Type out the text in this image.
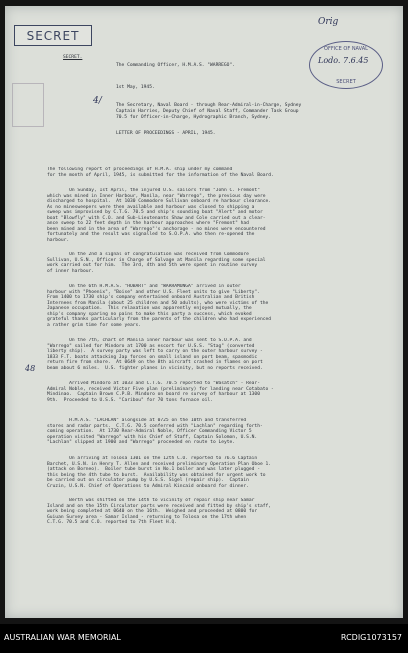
SECRET
Orig
OFFICE OF NAVAL
Lodo. 7.6.45
SECRET
SECRET.
The Commanding Officer, H.M.A.S. "WARREGO".
1st May, 1945.
4/	The Secretary, Naval Board - through Rear-Admiral-in-Charge, Sydney
Captain Harries, Deputy Chief of Naval Staff, Commander Task Group
70.5 for Officer-in-Charge, Hydrographic Branch, Sydney.
LETTER OF PROCEEDINGS - APRIL, 1945.
The following report of proceedings of H.M.A. ship under my command
for the month of April, 1945, is submitted for the information of the Naval Board.
On Sunday, 1st April, the injured U.S. sailors from "John C. Fremont"
which was mined in Inner Harbour, Manila, near "Warrego", the previous day were
discharged to hospital.  At 1030 Commodore Sullivan onboard re harbour clearance.
As no minesweepers were then available and harbour was closed to shipping a
sweep was improvised by C.T.G. 70.5 and ship's sounding boat "Alert" and motor
boat "Blowfly" with C.O. and Sub-Lieutenants Shaw and Cole carried out a clear-
ance sweep to 22 feet depth in the harbour approaches where "Fremont" had
been mined and in the area of "Warrego"'s anchorage - no mines were encountered
fortunately and the result was signalled to S.O.P.A. who then re-opened the
harbour.
On the 2nd a signal of congratulation was received from Commodore
Sullivan, U.S.N., Officer in Charge of Salvage at Manila regarding some special
work carried out for him.  The 3rd, 4th and 5th were spent in routine survey
of inner harbour.
On the 6th H.M.A.S. "HOBART" and "WARRAMUNGA" arrived in outer
harbour with "Phoenix", "Boise" and other U.S. Fleet units to give "Liberty".
From 1400 to 1730 ship's company entertained onboard Australian and British
Internees from Manila (about 25 children and 50 adults), who were victims of the
Japanese occupation.  This relaxation was apparently enjoyed mutually, the
ship's company sparing no pains to make this party a success, which evoked
grateful thanks particularly from the parents of the children who had experienced
a rather grim time for some years.
On the 7th, chart of Manila inner harbour was sent to S.O.P.A. and
"Warrego" sailed for Mindoro at 1700 as escort for U.S.S. "Stag" (converted
liberty ship).  A survey party was left to carry on the outer harbour survey -
1833 F.T. boats attacking Jap forces on small island on port beam, spasmodic
return fire from shore.  At 0649 on the 8th aircraft crashed in flames on port
beam about 6 miles.  U.S. fighter planes in vicinity, but no reports received.
48
Arrived Mindoro at 1033 and C.T.G. 70.5 reported to "Wasatch" - Rear-
Admiral Noble, received Victor Five plan (preliminary) for landing near Cotabato -
Mindinao.  Captain Brown C.P.B. Mindoro on board re survey of harbour at 1300
9th.  Proceeded to U.S.S. "Caribou" for 70 tons furnace oil.
H.M.A.S. "LACHLAN" alongside at 0725 on the 10th and transferred
stores and radar parts.  C.T.G. 70.5 conferred with "Lachlan" regarding forth-
coming operation.  At 1730 Rear-Admiral Noble, Officer Commanding Victor 5
operation visited "Warrego" with his Chief of Staff, Captain Solomon, U.S.N.
"Lachlan" slipped at 1900 and "Warrego" proceeded en route to Leyte.
On arriving at Tolosa 1301 on the 12th C.O. reported to 76.6 Captain
Barchet, U.S.N. in Henry T. Allen and received preliminary Operation Plan Oboe 1.
(attack on Borneo).  Boiler tube burst in No.1 boiler and was later plugged -
this being the 4th tube to burst.  Availability was obtained for urgent work to
be carried out on circulator pump by U.S.S. Sigel (repair ship).  Captain
Cruzin, U.S.N. Chief of Operations to Admiral Kincaid onboard for dinner.
Berth was shifted on the 14th to vicinity of repair ship near Samar
Island and on the 15th Circulator parts were received and fitted by ship's staff,
work being completed at 0640 on the 16th.  Weighed and proceeded at 0800 for
Guiuan Survey area - Samar Island - returning to Tolosa on the 17th when
C.T.G. 70.5 and C.O. reported to 7th Fleet H.Q.
AUSTRALIAN WAR MEMORIAL	RCDIG1073157
